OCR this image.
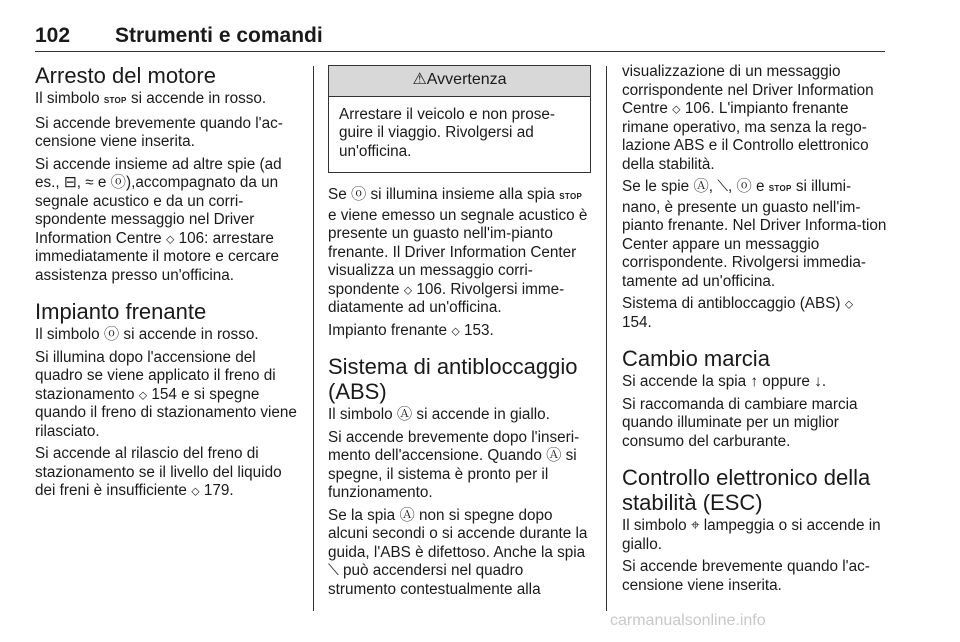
102 Strumenti e comandi
Arresto del motore

Il simbolo STOP si accende in rosso.

Si accende brevemente quando l'ac-censione viene inserita.

Si accende insieme ad altre spie (ad es., ⊟, ≈ e ⓞ),accompagnato da un segnale acustico e da un corri-spondente messaggio nel Driver Information Centre ⬦ 106: arrestare immediatamente il motore e cercare assistenza presso un'officina.

Impianto frenante

Il simbolo ⓞ si accende in rosso.

Si illumina dopo l'accensione del quadro se viene applicato il freno di stazionamento ⬦ 154 e si spegne quando il freno di stazionamento viene rilasciato.

Si accende al rilascio del freno di stazionamento se il livello del liquido dei freni è insufficiente ⬦ 179.

⚠Avvertenza
Arrestare il veicolo e non prose-guire il viaggio. Rivolgersi ad un'officina.

Se ⓞ si illumina insieme alla spia STOP e viene emesso un segnale acustico è presente un guasto nell'im-pianto frenante. Il Driver Information Center visualizza un messaggio corri-spondente ⬦ 106. Rivolgersi imme-diatamente ad un'officina.

Impianto frenante ⬦ 153.

Sistema di antibloccaggio (ABS)

Il simbolo Ⓐ si accende in giallo.

Si accende brevemente dopo l'inseri-mento dell'accensione. Quando Ⓐ si spegne, il sistema è pronto per il funzionamento.

Se la spia Ⓐ non si spegne dopo alcuni secondi o si accende durante la guida, l'ABS è difettoso. Anche la spia ⟍ può accendersi nel quadro strumento contestualmente alla

visualizzazione di un messaggio corrispondente nel Driver Information Centre ⬦ 106. L'impianto frenante rimane operativo, ma senza la rego-lazione ABS e il Controllo elettronico della stabilità.

Se le spie Ⓐ, ⟍, ⓞ e STOP si illumi-nano, è presente un guasto nell'im-pianto frenante. Nel Driver Informa-tion Center appare un messaggio corrispondente. Rivolgersi immedia-tamente ad un'officina.

Sistema di antibloccaggio (ABS) ⬦ 154.

Cambio marcia

Si accende la spia ↑ oppure ↓.

Si raccomanda di cambiare marcia quando illuminate per un miglior consumo del carburante.

Controllo elettronico della stabilità (ESC)

Il simbolo ⌖ lampeggia o si accende in giallo.

Si accende brevemente quando l'ac-censione viene inserita.

carmanualsonline.info
